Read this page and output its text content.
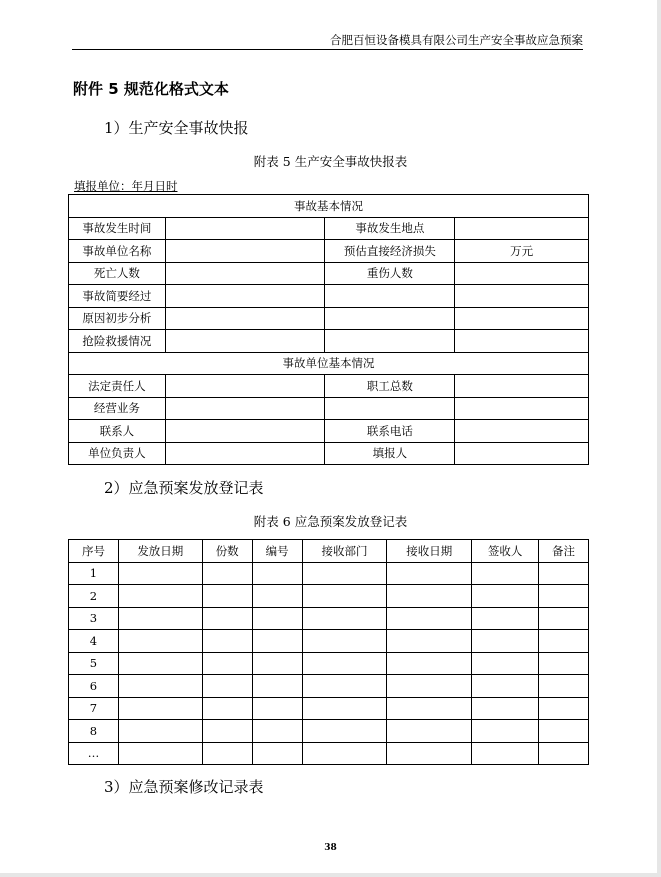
合肥百恒设备模具有限公司生产安全事故应急预案
附件 5 规范化格式文本
1）生产安全事故快报
附表 5 生产安全事故快报表
填报单位：年月日时
事故基本情况			
事故发生时间		事故发生地点	
事故单位名称		预估直接经济损失	万元
死亡人数		重伤人数	
事故简要经过			
原因初步分析			
抢险救援情况			
事故单位基本情况			
法定责任人		职工总数	
经营业务			
联系人		联系电话	
单位负责人		填报人	
2）应急预案发放登记表
附表 6 应急预案发放登记表
序号	发放日期	份数	编号	接收部门	接收日期	签收人	备注
1							
2							
3							
4							
5							
6							
7							
8							
…							
3）应急预案修改记录表
38
